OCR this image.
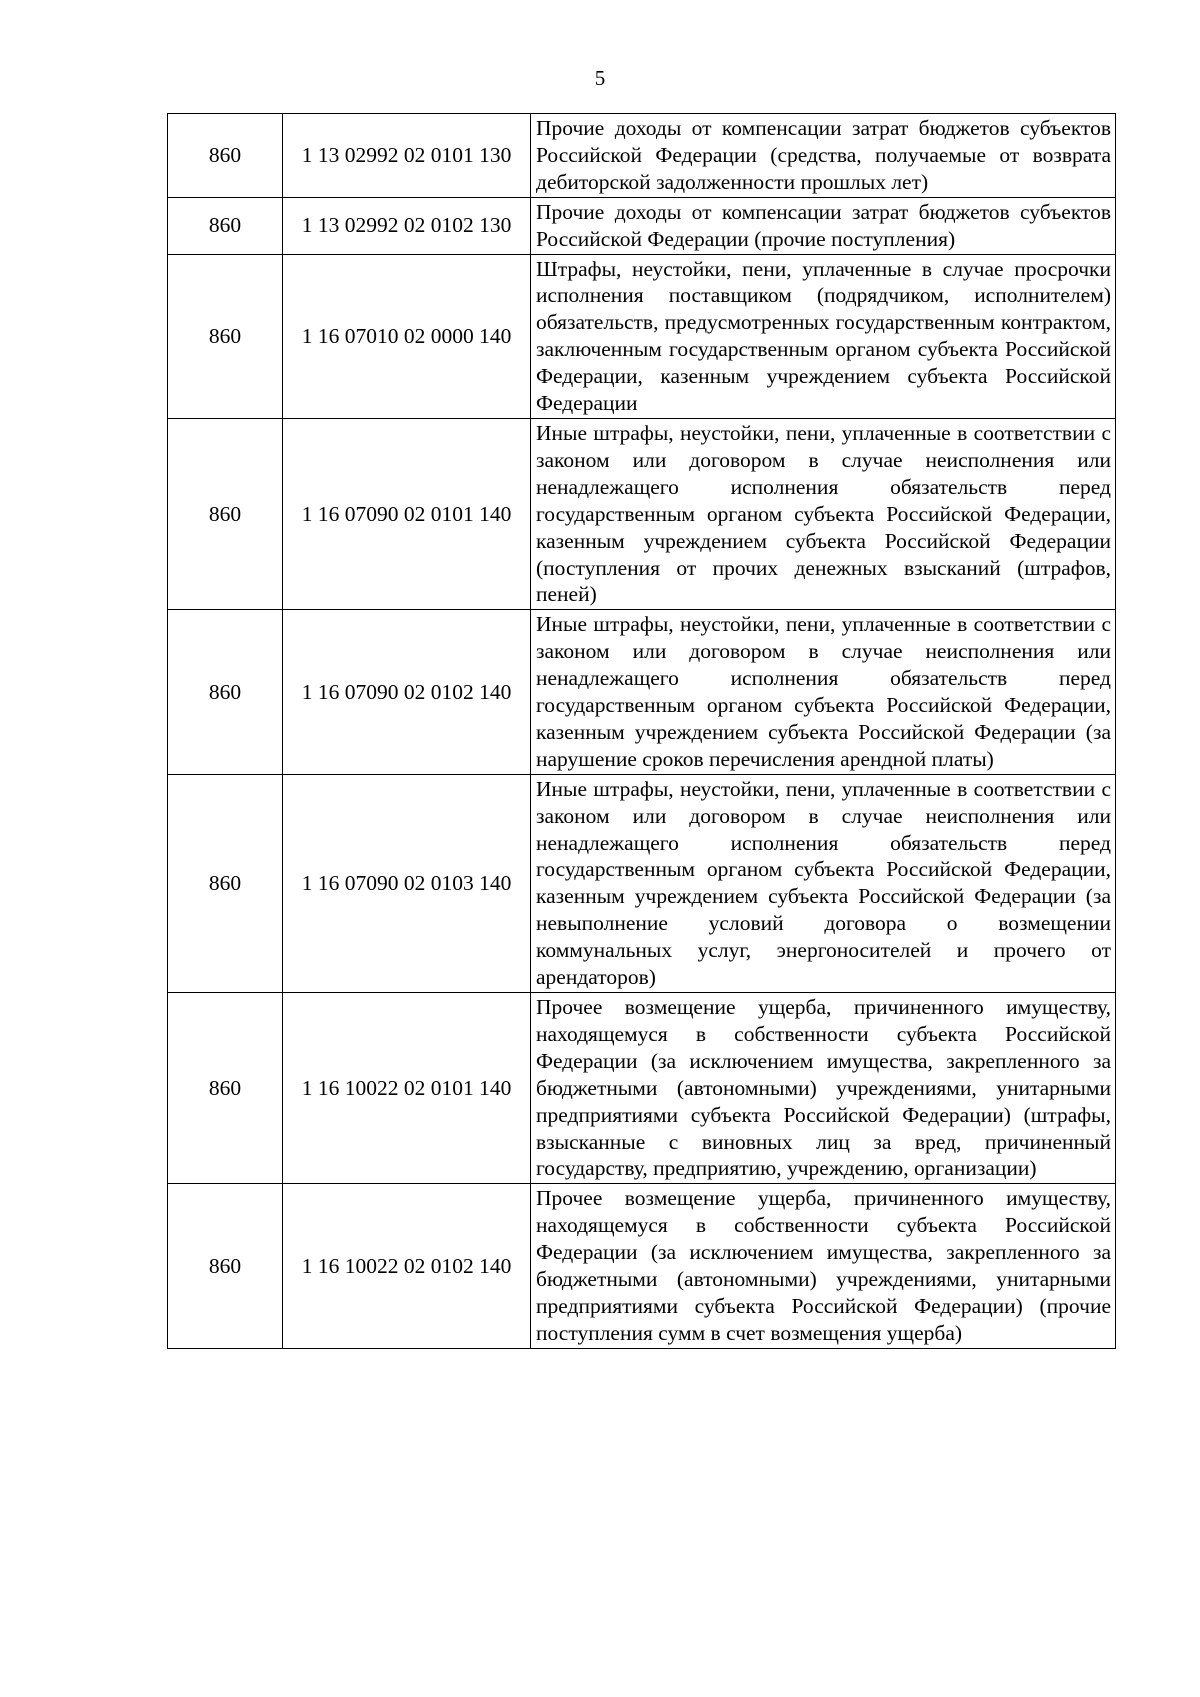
5
860	1 13 02992 02 0101 130	Прочие доходы от компенсации затрат бюджетов субъектов Российской Федерации (средства, получаемые от возврата дебиторской задолженности прошлых лет)
860	1 13 02992 02 0102 130	Прочие доходы от компенсации затрат бюджетов субъектов Российской Федерации (прочие поступления)
860	1 16 07010 02 0000 140	Штрафы, неустойки, пени, уплаченные в случае просрочки исполнения поставщиком (подрядчиком, исполнителем) обязательств, предусмотренных государственным контрактом, заключенным государственным органом субъекта Российской Федерации, казенным учреждением субъекта Российской Федерации
860	1 16 07090 02 0101 140	Иные штрафы, неустойки, пени, уплаченные в соответствии с законом или договором в случае неисполнения или ненадлежащего исполнения обязательств перед государственным органом субъекта Российской Федерации, казенным учреждением субъекта Российской Федерации (поступления от прочих денежных взысканий (штрафов, пеней)
860	1 16 07090 02 0102 140	Иные штрафы, неустойки, пени, уплаченные в соответствии с законом или договором в случае неисполнения или ненадлежащего исполнения обязательств перед государственным органом субъекта Российской Федерации, казенным учреждением субъекта Российской Федерации (за нарушение сроков перечисления арендной платы)
860	1 16 07090 02 0103 140	Иные штрафы, неустойки, пени, уплаченные в соответствии с законом или договором в случае неисполнения или ненадлежащего исполнения обязательств перед государственным органом субъекта Российской Федерации, казенным учреждением субъекта Российской Федерации (за невыполнение условий договора о возмещении коммунальных услуг, энергоносителей и прочего от арендаторов)
860	1 16 10022 02 0101 140	Прочее возмещение ущерба, причиненного имуществу, находящемуся в собственности субъекта Российской Федерации (за исключением имущества, закрепленного за бюджетными (автономными) учреждениями, унитарными предприятиями субъекта Российской Федерации) (штрафы, взысканные с виновных лиц за вред, причиненный государству, предприятию, учреждению, организации)
860	1 16 10022 02 0102 140	Прочее возмещение ущерба, причиненного имуществу, находящемуся в собственности субъекта Российской Федерации (за исключением имущества, закрепленного за бюджетными (автономными) учреждениями, унитарными предприятиями субъекта Российской Федерации) (прочие поступления сумм в счет возмещения ущерба)
